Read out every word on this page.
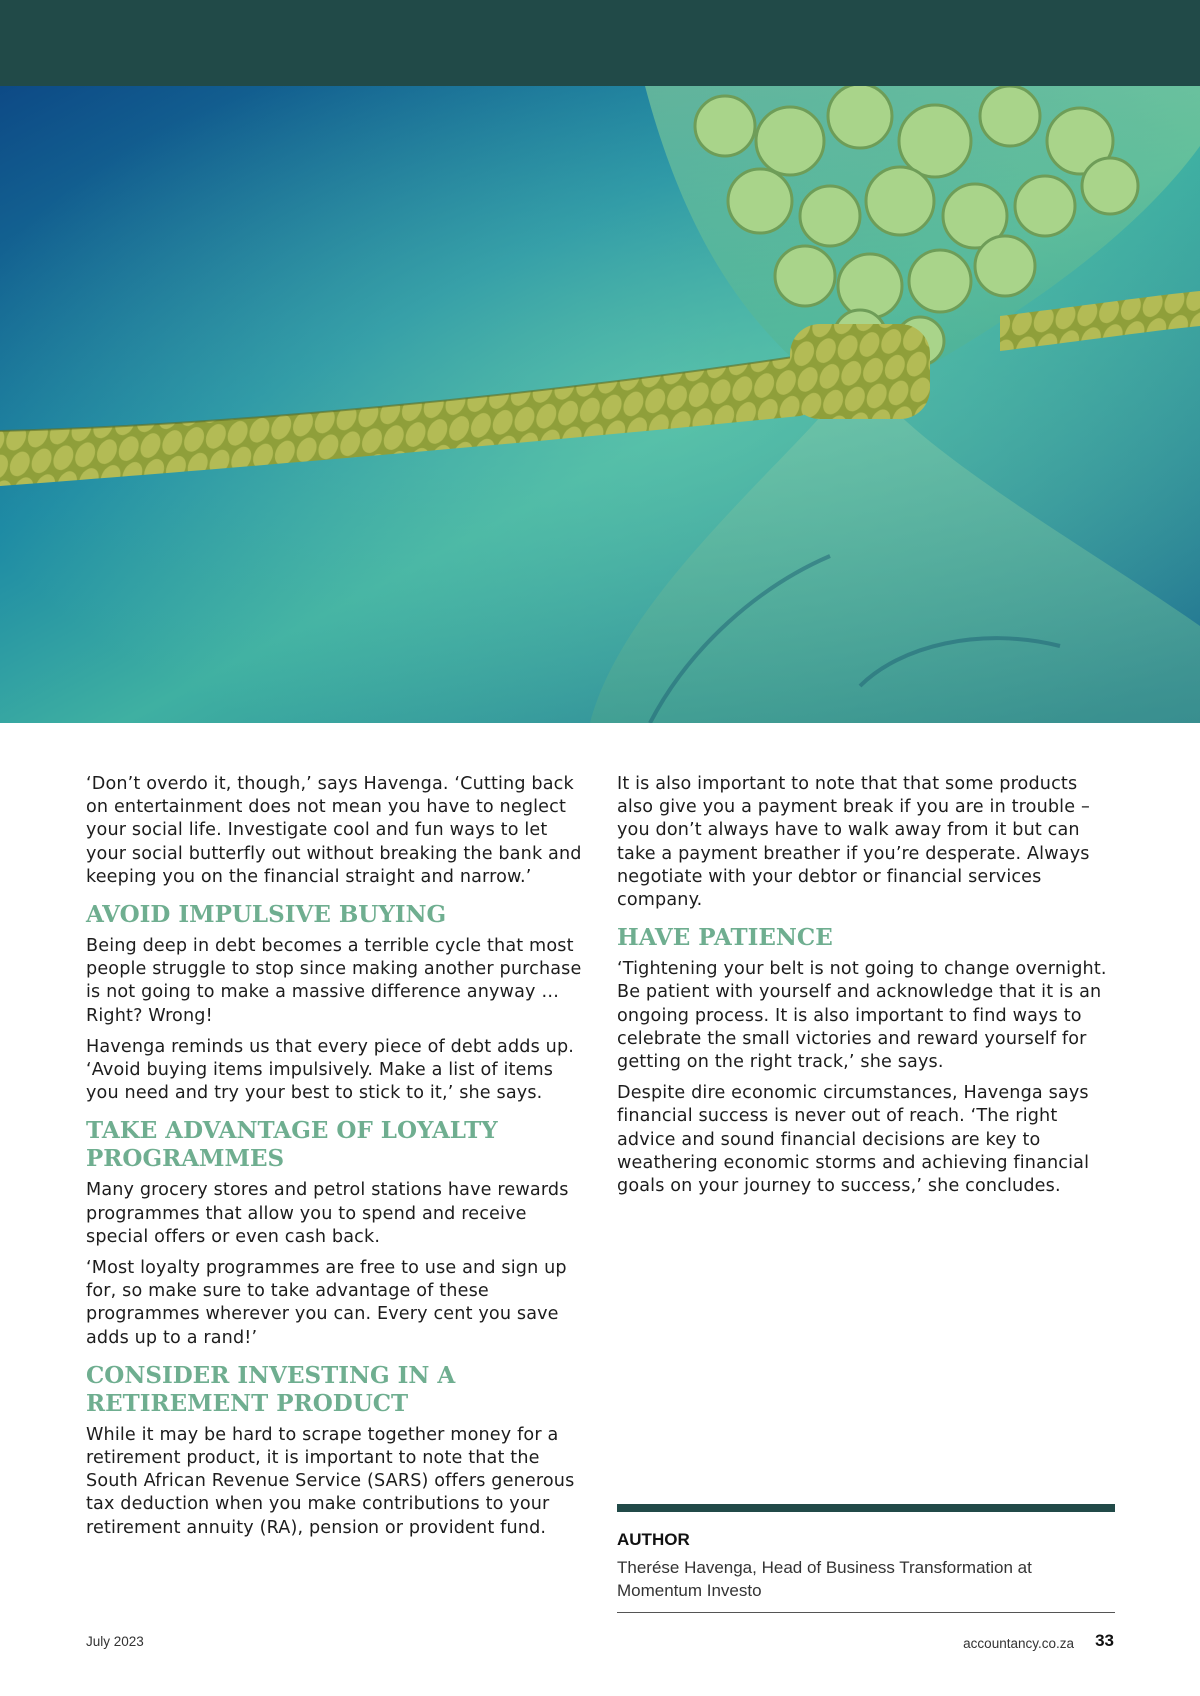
‘Don’t overdo it, though,’ says Havenga. ‘Cutting back on entertainment does not mean you have to neglect your social life. Investigate cool and fun ways to let your social butterfly out without breaking the bank and keeping you on the financial straight and narrow.’

AVOID IMPULSIVE BUYING

Being deep in debt becomes a terrible cycle that most people struggle to stop since making another purchase is not going to make a massive difference anyway … Right? Wrong!

Havenga reminds us that every piece of debt adds up. ‘Avoid buying items impulsively. Make a list of items you need and try your best to stick to it,’ she says.

TAKE ADVANTAGE OF LOYALTY PROGRAMMES

Many grocery stores and petrol stations have rewards programmes that allow you to spend and receive special offers or even cash back.

‘Most loyalty programmes are free to use and sign up for, so make sure to take advantage of these programmes wherever you can. Every cent you save adds up to a rand!’

CONSIDER INVESTING IN A RETIREMENT PRODUCT

While it may be hard to scrape together money for a retirement product, it is important to note that the South African Revenue Service (SARS) offers generous tax deduction when you make contributions to your retirement annuity (RA), pension or provident fund.

It is also important to note that that some products also give you a payment break if you are in trouble – you don’t always have to walk away from it but can take a payment breather if you’re desperate. Always negotiate with your debtor or financial services company.

HAVE PATIENCE

‘Tightening your belt is not going to change overnight. Be patient with yourself and acknowledge that it is an ongoing process. It is also important to find ways to celebrate the small victories and reward yourself for getting on the right track,’ she says.

Despite dire economic circumstances, Havenga says financial success is never out of reach. ‘The right advice and sound financial decisions are key to weathering economic storms and achieving financial goals on your journey to success,’ she concludes.

AUTHOR
Therése Havenga, Head of Business Transformation at Momentum Investo
July 2023	accountancy.co.za 33
